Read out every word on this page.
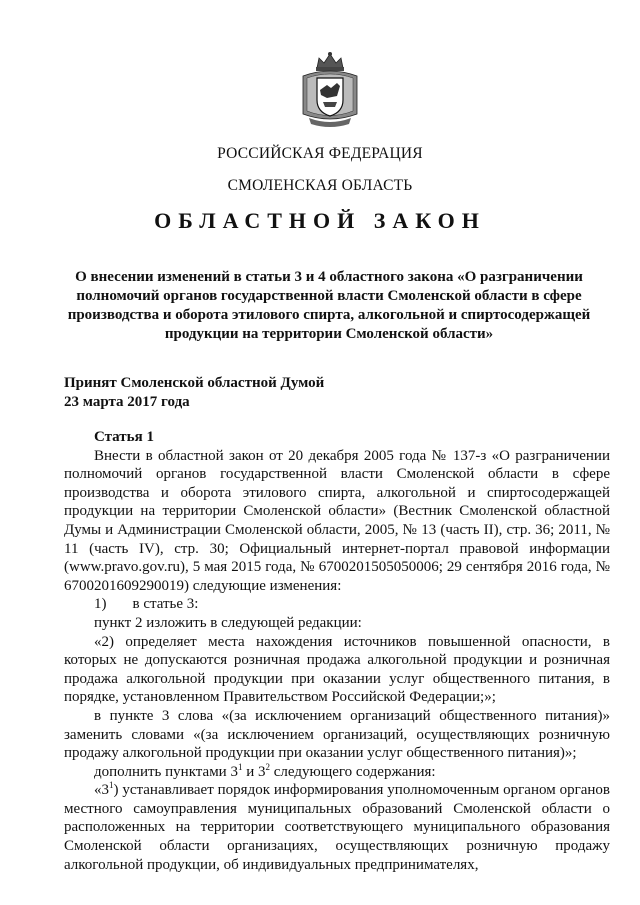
РОССИЙСКАЯ ФЕДЕРАЦИЯ
СМОЛЕНСКАЯ ОБЛАСТЬ
ОБЛАСТНОЙ ЗАКОН
О внесении изменений в статьи 3 и 4 областного закона «О разграничении
полномочий органов государственной власти Смоленской области в сфере
производства и оборота этилового спирта, алкогольной и спиртосодержащей
продукции на территории Смоленской области»
Принят Смоленской областной Думой
23 марта 2017 года

Статья 1

Внести в областной закон от 20 декабря 2005 года № 137-з «О разграничении полномочий органов государственной власти Смоленской области в сфере производства и оборота этилового спирта, алкогольной и спиртосодержащей продукции на территории Смоленской области» (Вестник Смоленской областной Думы и Администрации Смоленской области, 2005, № 13 (часть II), стр. 36; 2011, № 11 (часть IV), стр. 30; Официальный интернет-портал правовой информации (www.pravo.gov.ru), 5 мая 2015 года, № 6700201505050006; 29 сентября 2016 года, № 6700201609290019) следующие изменения:

1) в статье 3:

пункт 2 изложить в следующей редакции:

«2) определяет места нахождения источников повышенной опасности, в которых не допускаются розничная продажа алкогольной продукции и розничная продажа алкогольной продукции при оказании услуг общественного питания, в порядке, установленном Правительством Российской Федерации;»;

в пункте 3 слова «(за исключением организаций общественного питания)» заменить словами «(за исключением организаций, осуществляющих розничную продажу алкогольной продукции при оказании услуг общественного питания)»;

дополнить пунктами $3^1$ и $3^2$ следующего содержания:

«$3^1$) устанавливает порядок информирования уполномоченным органом органов местного самоуправления муниципальных образований Смоленской области о расположенных на территории соответствующего муниципального образования Смоленской области организациях, осуществляющих розничную продажу алкогольной продукции, об индивидуальных предпринимателях,
